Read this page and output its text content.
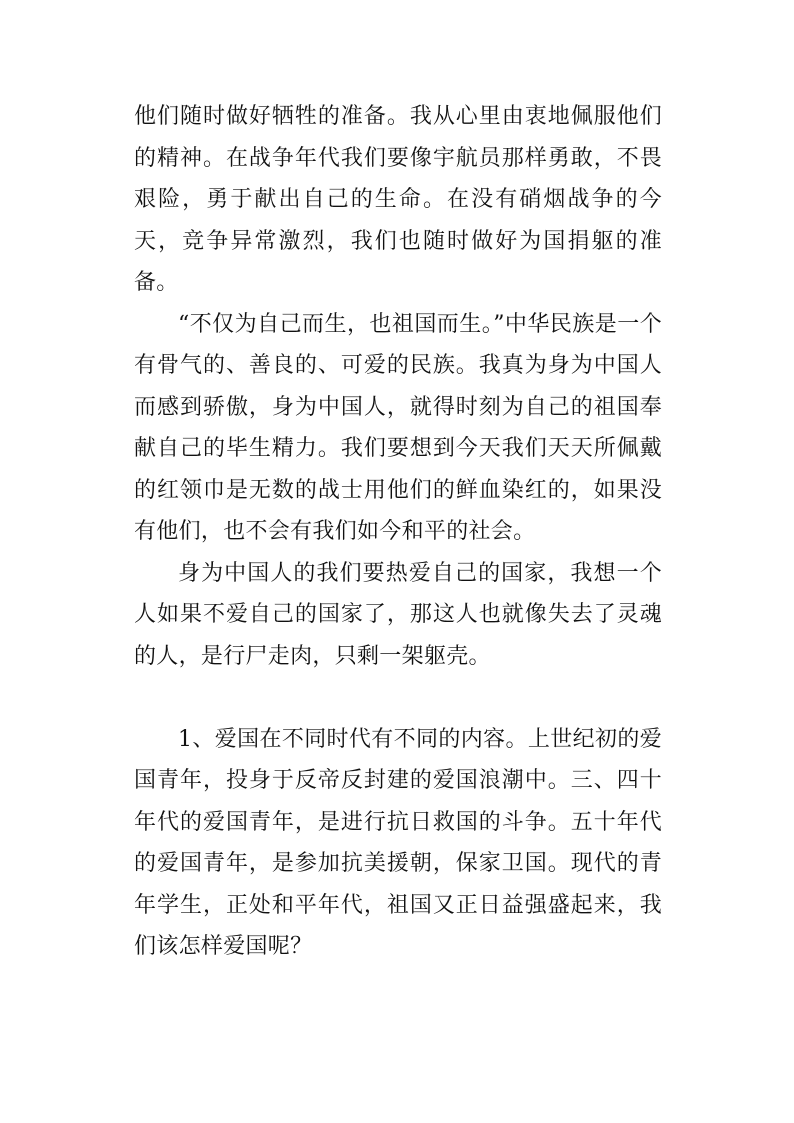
他们随时做好牺牲的准备。我从心里由衷地佩服他们的精神。在战争年代我们要像宇航员那样勇敢，不畏艰险，勇于献出自己的生命。在没有硝烟战争的今天，竞争异常激烈，我们也随时做好为国捐躯的准备。

“不仅为自己而生，也祖国而生。”中华民族是一个有骨气的、善良的、可爱的民族。我真为身为中国人而感到骄傲，身为中国人，就得时刻为自己的祖国奉献自己的毕生精力。我们要想到今天我们天天所佩戴的红领巾是无数的战士用他们的鲜血染红的，如果没有他们，也不会有我们如今和平的社会。

身为中国人的我们要热爱自己的国家，我想一个人如果不爱自己的国家了，那这人也就像失去了灵魂的人，是行尸走肉，只剩一架躯壳。

1、爱国在不同时代有不同的内容。上世纪初的爱国青年，投身于反帝反封建的爱国浪潮中。三、四十年代的爱国青年，是进行抗日救国的斗争。五十年代的爱国青年，是参加抗美援朝，保家卫国。现代的青年学生，正处和平年代，祖国又正日益强盛起来，我们该怎样爱国呢？
